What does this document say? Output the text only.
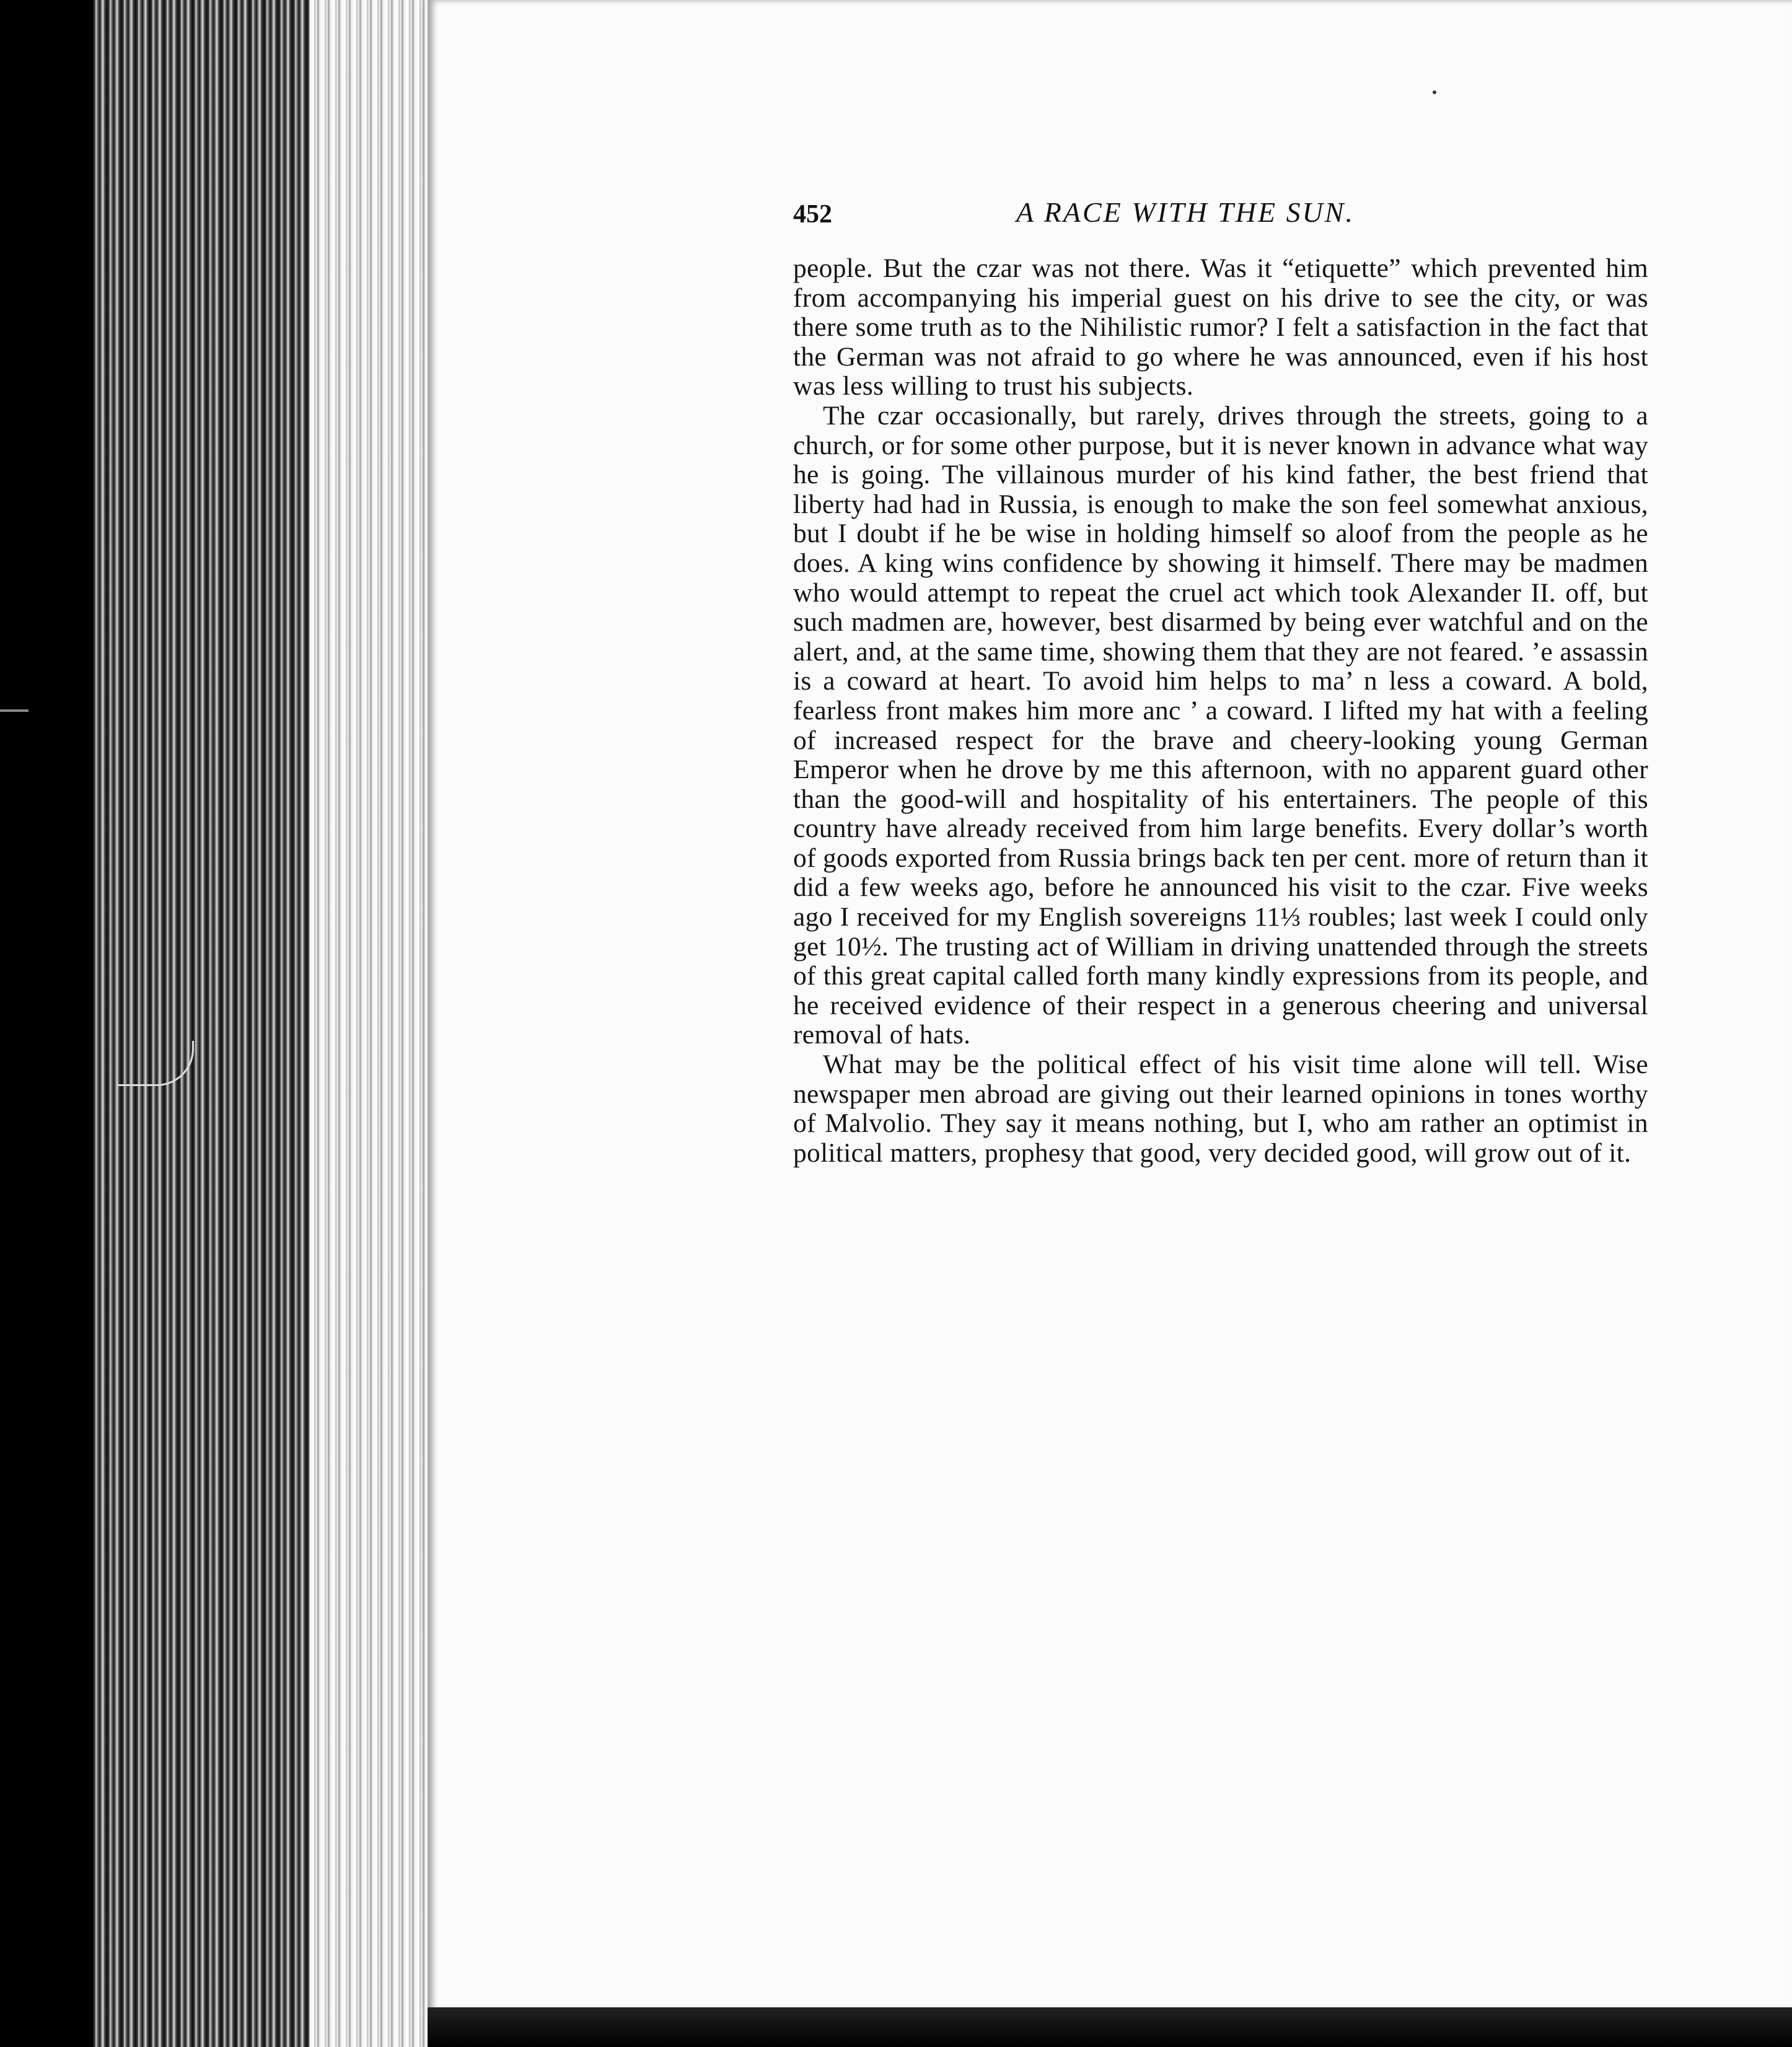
452	A RACE WITH THE SUN.

people. But the czar was not there. Was it “etiquette” which prevented him from accompanying his imperial guest on his drive to see the city, or was there some truth as to the Nihilistic rumor? I felt a satisfaction in the fact that the German was not afraid to go where he was announced, even if his host was less willing to trust his subjects.

The czar occasionally, but rarely, drives through the streets, going to a church, or for some other purpose, but it is never known in advance what way he is going. The villainous murder of his kind father, the best friend that liberty had had in Russia, is enough to make the son feel somewhat anxious, but I doubt if he be wise in holding himself so aloof from the people as he does. A king wins confidence by showing it himself. There may be madmen who would attempt to repeat the cruel act which took Alexander II. off, but such madmen are, however, best disarmed by being ever watchful and on the alert, and, at the same time, showing them that they are not feared. ’e assassin is a coward at heart. To avoid him helps to ma’ n less a coward. A bold, fearless front makes him more anc ’ a coward. I lifted my hat with a feeling of increased respect for the brave and cheery-looking young German Emperor when he drove by me this afternoon, with no apparent guard other than the good-will and hospitality of his entertainers. The people of this country have already received from him large benefits. Every dollar’s worth of goods exported from Russia brings back ten per cent. more of return than it did a few weeks ago, before he announced his visit to the czar. Five weeks ago I received for my English sovereigns 11⅓ roubles; last week I could only get 10½. The trusting act of William in driving unattended through the streets of this great capital called forth many kindly expressions from its people, and he received evidence of their respect in a generous cheering and universal removal of hats.

What may be the political effect of his visit time alone will tell. Wise newspaper men abroad are giving out their learned opinions in tones worthy of Malvolio. They say it means nothing, but I, who am rather an optimist in political matters, prophesy that good, very decided good, will grow out of it.
